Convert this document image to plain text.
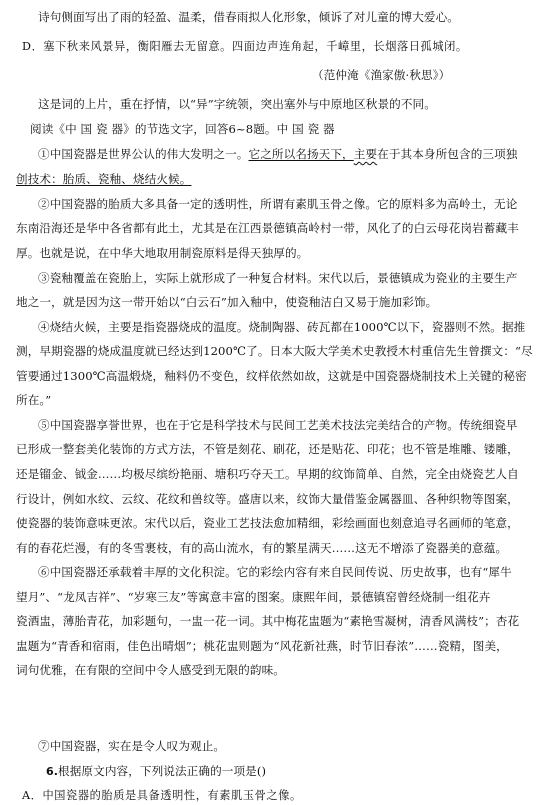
诗句侧面写出了雨的轻盈、温柔，借春雨拟人化形象，倾诉了对儿童的博大爱心。
D．塞下秋来风景异，衡阳雁去无留意。四面边声连角起，千嶂里，长烟落日孤城闭。
（范仲淹《渔家傲·秋思》）
这是词的上片，重在抒情，以“异”字统领，突出塞外与中原地区秋景的不同。
阅读《中 国 瓷 器》的节选文字，回答6~8题。中 国 瓷 器
①中国瓷器是世界公认的伟大发明之一。它之所以名扬天下，主要在于其本身所包含的三项独
创技术：胎质、瓷釉、烧结火候。
②中国瓷器的胎质大多具备一定的透明性，所谓有素肌玉骨之像。它的原料多为高岭土，无论
东南沿海还是华中各省都有此土，尤其是在江西景德镇高岭村一带，风化了的白云母花岗岩蓄藏丰
厚。也就是说，在中华大地取用制瓷原料是得天独厚的。
③瓷釉覆盖在瓷胎上，实际上就形成了一种复合材料。宋代以后，景德镇成为瓷业的主要生产
地之一，就是因为这一带开始以“白云石”加入釉中，使瓷釉洁白又易于施加彩饰。
④烧结火候，主要是指瓷器烧成的温度。烧制陶器、砖瓦都在1000℃以下，瓷器则不然。据推
测，早期瓷器的烧成温度就已经达到1200℃了。日本大阪大学美术史教授木村重信先生曾撰文：“尽
管要通过1300℃高温煅烧，釉料仍不变色，纹样依然如故，这就是中国瓷器烧制技术上关键的秘密
所在。”
⑤中国瓷器享誉世界，也在于它是科学技术与民间工艺美术技法完美结合的产物。传统细瓷早
已形成一整套美化装饰的方式方法，不管是刻花、刷花，还是贴花、印花；也不管是堆雕、镂雕，
还是镏金、钺金……均极尽缤纷艳丽、塘积巧夺天工。早期的纹饰简单、自然，完全由烧瓷艺人自
行设计，例如水纹、云纹、花纹和兽纹等。盛唐以来，纹饰大量借鉴金属器皿、各种织物等图案，
使瓷器的装饰意味更浓。宋代以后，瓷业工艺技法愈加精细，彩绘画面也刻意追寻名画师的笔意，
有的春花烂漫，有的冬雪裹枝，有的高山流水，有的繁星满天……这无不增添了瓷器美的意蕴。
⑥中国瓷器还承载着丰厚的文化积淀。它的彩绘内容有来自民间传说、历史故事，也有“犀牛
望月”、“龙凤吉祥”、“岁寒三友”等寓意丰富的图案。康熙年间，景德镇窑曾经烧制一组花卉
瓷酒盅，薄胎青花，加彩题句，一盅一花一词。其中梅花盅题为“素艳雪凝树，清香风满枝”；杏花
盅题为“青香和宿雨，佳色出晴烟”；桃花盅则题为“风花新社燕，时节旧春浓”……瓷精，图美，
词句优雅，在有限的空间中令人感受到无限的韵味。
⑦中国瓷器，实在是令人叹为观止。
6.根据原文内容，下列说法正确的一项是()
A．中国瓷器的胎质是具备透明性，有素肌玉骨之像。
